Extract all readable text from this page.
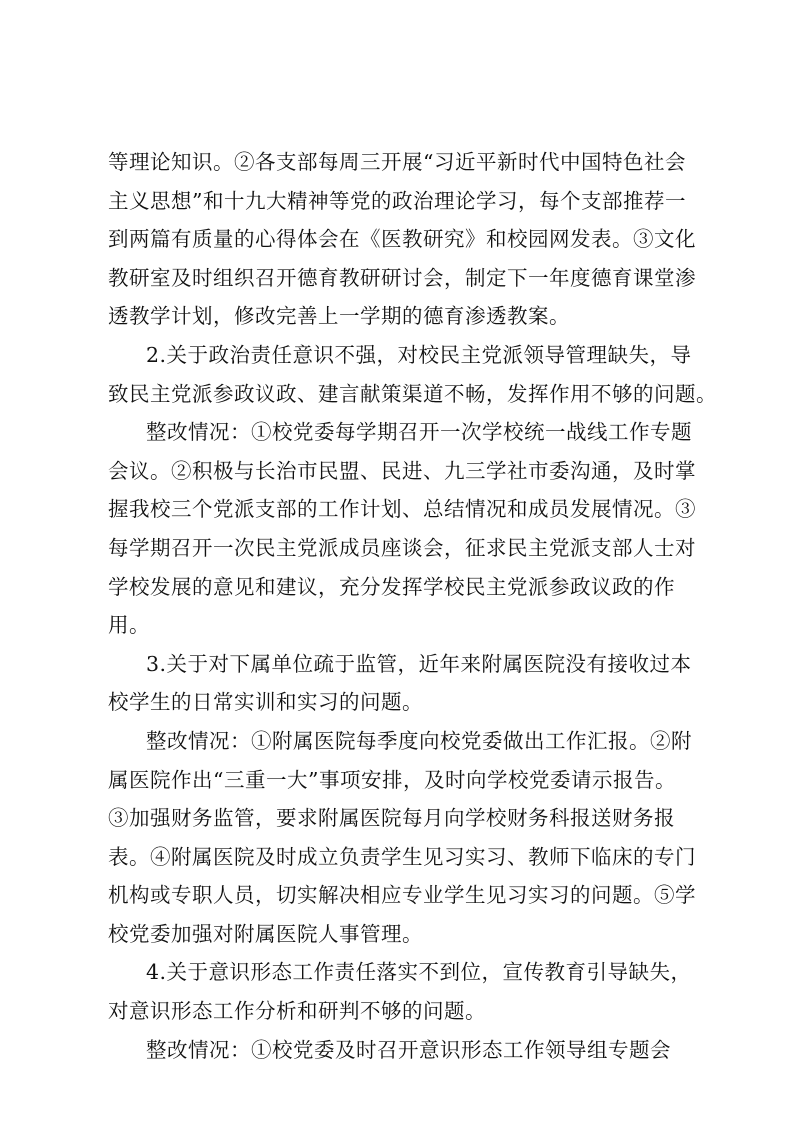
等理论知识。②各支部每周三开展“习近平新时代中国特色社会
主义思想”和十九大精神等党的政治理论学习，每个支部推荐一
到两篇有质量的心得体会在《医教研究》和校园网发表。③文化
教研室及时组织召开德育教研研讨会，制定下一年度德育课堂渗
透教学计划，修改完善上一学期的德育渗透教案。
2.关于政治责任意识不强，对校民主党派领导管理缺失，导
致民主党派参政议政、建言献策渠道不畅，发挥作用不够的问题。
整改情况：①校党委每学期召开一次学校统一战线工作专题
会议。②积极与长治市民盟、民进、九三学社市委沟通，及时掌
握我校三个党派支部的工作计划、总结情况和成员发展情况。③
每学期召开一次民主党派成员座谈会，征求民主党派支部人士对
学校发展的意见和建议，充分发挥学校民主党派参政议政的作
用。
3.关于对下属单位疏于监管，近年来附属医院没有接收过本
校学生的日常实训和实习的问题。
整改情况：①附属医院每季度向校党委做出工作汇报。②附
属医院作出“三重一大”事项安排，及时向学校党委请示报告。
③加强财务监管，要求附属医院每月向学校财务科报送财务报
表。④附属医院及时成立负责学生见习实习、教师下临床的专门
机构或专职人员，切实解决相应专业学生见习实习的问题。⑤学
校党委加强对附属医院人事管理。
4.关于意识形态工作责任落实不到位，宣传教育引导缺失，
对意识形态工作分析和研判不够的问题。
整改情况：①校党委及时召开意识形态工作领导组专题会
